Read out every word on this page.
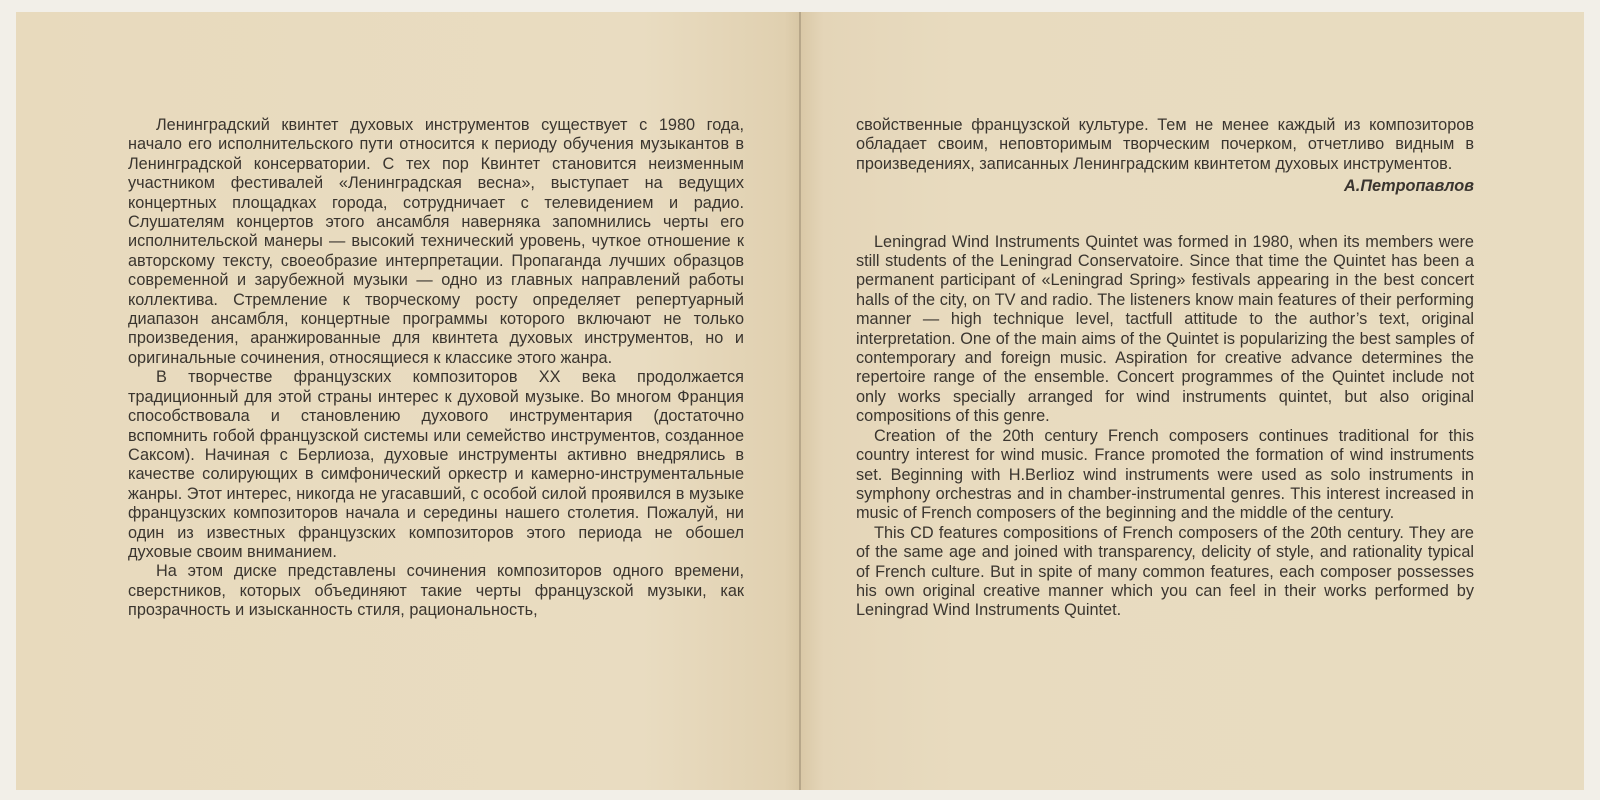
Ленинградский квинтет духовых инструментов существует с 1980 года, начало его исполнительского пути относится к периоду обучения музыкантов в Ленинградской консерватории. С тех пор Квинтет становится неизменным участником фестивалей «Ленинградская весна», выступает на ведущих концертных площадках города, сотрудничает с телевидением и радио. Слушателям концертов этого ансамбля наверняка запомнились черты его исполнительской манеры — высокий технический уровень, чуткое отношение к авторскому тексту, своеобразие интерпретации. Пропаганда лучших образцов современной и зарубежной музыки — одно из главных направлений работы коллектива. Стремление к творческому росту определяет репертуарный диапазон ансамбля, концертные программы которого включают не только произведения, аранжированные для квинтета духовых инструментов, но и оригинальные сочинения, относящиеся к классике этого жанра.

В творчестве французских композиторов XX века продолжается традиционный для этой страны интерес к духовой музыке. Во многом Франция способствовала и становлению духового инструментария (достаточно вспомнить гобой французской системы или семейство инструментов, созданное Саксом). Начиная с Берлиоза, духовые инструменты активно внедрялись в качестве солирующих в симфонический оркестр и камерно-инструментальные жанры. Этот интерес, никогда не угасавший, с особой силой проявился в музыке французских композиторов начала и середины нашего столетия. Пожалуй, ни один из известных французских композиторов этого периода не обошел духовые своим вниманием.

На этом диске представлены сочинения композиторов одного времени, сверстников, которых объединяют такие черты французской музыки, как прозрачность и изысканность стиля, рациональность,

свойственные французской культуре. Тем не менее каждый из композиторов обладает своим, неповторимым творческим почерком, отчетливо видным в произведениях, записанных Ленинградским квинтетом духовых инструментов.

А.Петропавлов

Leningrad Wind Instruments Quintet was formed in 1980, when its members were still students of the Leningrad Conservatoire. Since that time the Quintet has been a permanent participant of «Leningrad Spring» festivals appearing in the best concert halls of the city, on TV and radio. The listeners know main features of their performing manner — high technique level, tactfull attitude to the author’s text, original interpretation. One of the main aims of the Quintet is popularizing the best samples of contemporary and foreign music. Aspiration for creative advance determines the repertoire range of the ensemble. Concert programmes of the Quintet include not only works specially arranged for wind instruments quintet, but also original compositions of this genre.

Creation of the 20th century French composers continues traditional for this country interest for wind music. France promoted the formation of wind instruments set. Beginning with H.Berlioz wind instruments were used as solo instruments in symphony orchestras and in chamber-instrumental genres. This interest increased in music of French composers of the beginning and the middle of the century.

This CD features compositions of French composers of the 20th century. They are of the same age and joined with transparency, delicity of style, and rationality typical of French culture. But in spite of many common features, each composer possesses his own original creative manner which you can feel in their works performed by Leningrad Wind Instruments Quintet.
